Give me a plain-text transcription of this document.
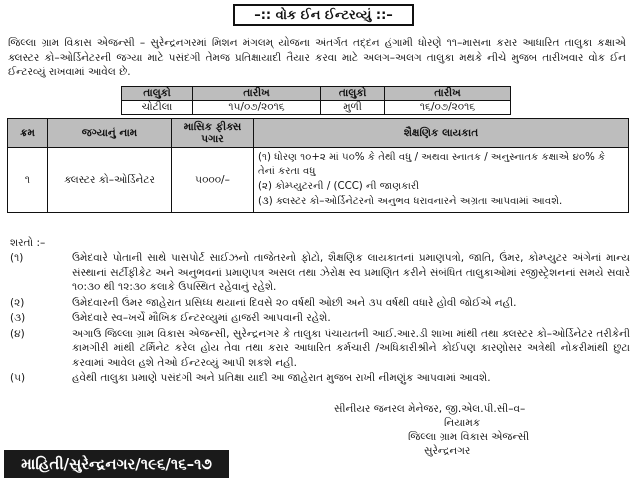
–:: વોક ઈન ઈન્ટરવ્યું ::–
જિલ્લા ગ્રામ વિકાસ એજન્સી – સુરેન્દ્રનગરમાં મિશન મંગલમ્ યોજના અંતર્ગત તદ્દન હંગામી ધોરણે ૧૧–માસના કરાર આધારિત તાલુકા કક્ષાએ ક્લસ્ટર કો–ઓર્ડિનેટરની જગ્યા માટે પસંદગી તેમજ પ્રતિક્ષાયાદી તૈયાર કરવા માટે અલગ–અલગ તાલુકા મથકે નીચે મુજબ તારીખવાર વોક ઈન ઈન્ટરવ્યું રાખવામાં આવેલ છે.
તાલુકો	તારીખ	તાલુકો	તારીખ
ચોટીલા	૧૫/૦૭/૨૦૧૬	મુળી	૧૬/૦૭/૨૦૧૬
ક્રમ	જગ્યાનું નામ	માસિક ફીક્સ પગાર	શૈક્ષણિક લાયકાત
૧	ક્લસ્ટર કો–ઓર્ડિનેટર	૫૦૦૦/–	(૧) ધોરણ ૧૦+૨ માં ૫૦% કે તેથી વધુ / અથવા સ્નાતક / અનુસ્નાતક કક્ષાએ ૪૦% કે તેનાં કરતા વધુ
(૨) કોમ્પ્યુટરની / (CCC) ની જાણકારી
(૩) ક્લસ્ટર કો–ઓર્ડિનેટરનો અનુભવ ધરાવનારને અગ્રતા આપવામાં આવશે.
શરતો :–
(૧)	ઉમેદવારે પોતાની સાથે પાસપોર્ટ સાઈઝનો તાજેતરનો ફોટો, શૈક્ષણિક લાયકાતનાં પ્રમાણપત્રો, જાતિ, ઉંમર, કોમ્પ્યુટર અંગેનાં માન્ય સંસ્થાનાં સર્ટીફીકેટ અને અનુભવનાં પ્રમાણપત્ર અસલ તથા ઝેરોક્ષ સ્વ પ્રમાણિત કરીને સંબંધિત તાલુકાઓમાં રજીસ્ટ્રેશનનાં સમયે સવારે ૧૦:૩૦ થી ૧૨:૩૦ કલાકે ઉપસ્થિત રહેવાનું રહેશે.
(૨)	ઉમેદવારની ઉંમર જાહેરાત પ્રસિધ્ધ થયાનાં દિવસે ૨૦ વર્ષથી ઓછી અને ૩૫ વર્ષથી વધારે હોવી જોઈએ નહી.
(૩)	ઉમેદવારે સ્વ–ખર્ચે મૌખિક ઈન્ટરવ્યુમાં હાજરી આપવાની રહેશે.
(૪)	અગાઉ જિલ્લા ગ્રામ વિકાસ એજન્સી, સુરેન્દ્રનગર કે તાલુકા પંચાયતની આઈ.આર.ડી શાખા માંથી તથા ક્લસ્ટર કો–ઓર્ડિનેટર તરીકેની કામગીરી માંથી ટર્મિનેટ કરેલ હોય તેવા તથા કરાર આધારિત કર્મચારી /અધિકારીશ્રીને કોઈપણ કારણોસર અત્રેથી નોકરીમાંથી છુટા કરવામાં આવેલ હશે તેઓ ઈન્ટરવ્યું આપી શકશે નહી.
(૫)	હવેથી તાલુકા પ્રમાણે પસંદગી અને પ્રતિક્ષા યાદી આ જાહેરાત મુજબ રાખી નીમણુંક આપવામાં આવશે.
સીનીયર જનરલ મેનેજર, જી.એલ.પી.સી–વ–
નિયામક
જિલ્લા ગ્રામ વિકાસ એજન્સી
સુરેન્દ્રનગર
માહિતી/સુરેન્દ્રનગર/૧૯૬/૧૬–૧૭
